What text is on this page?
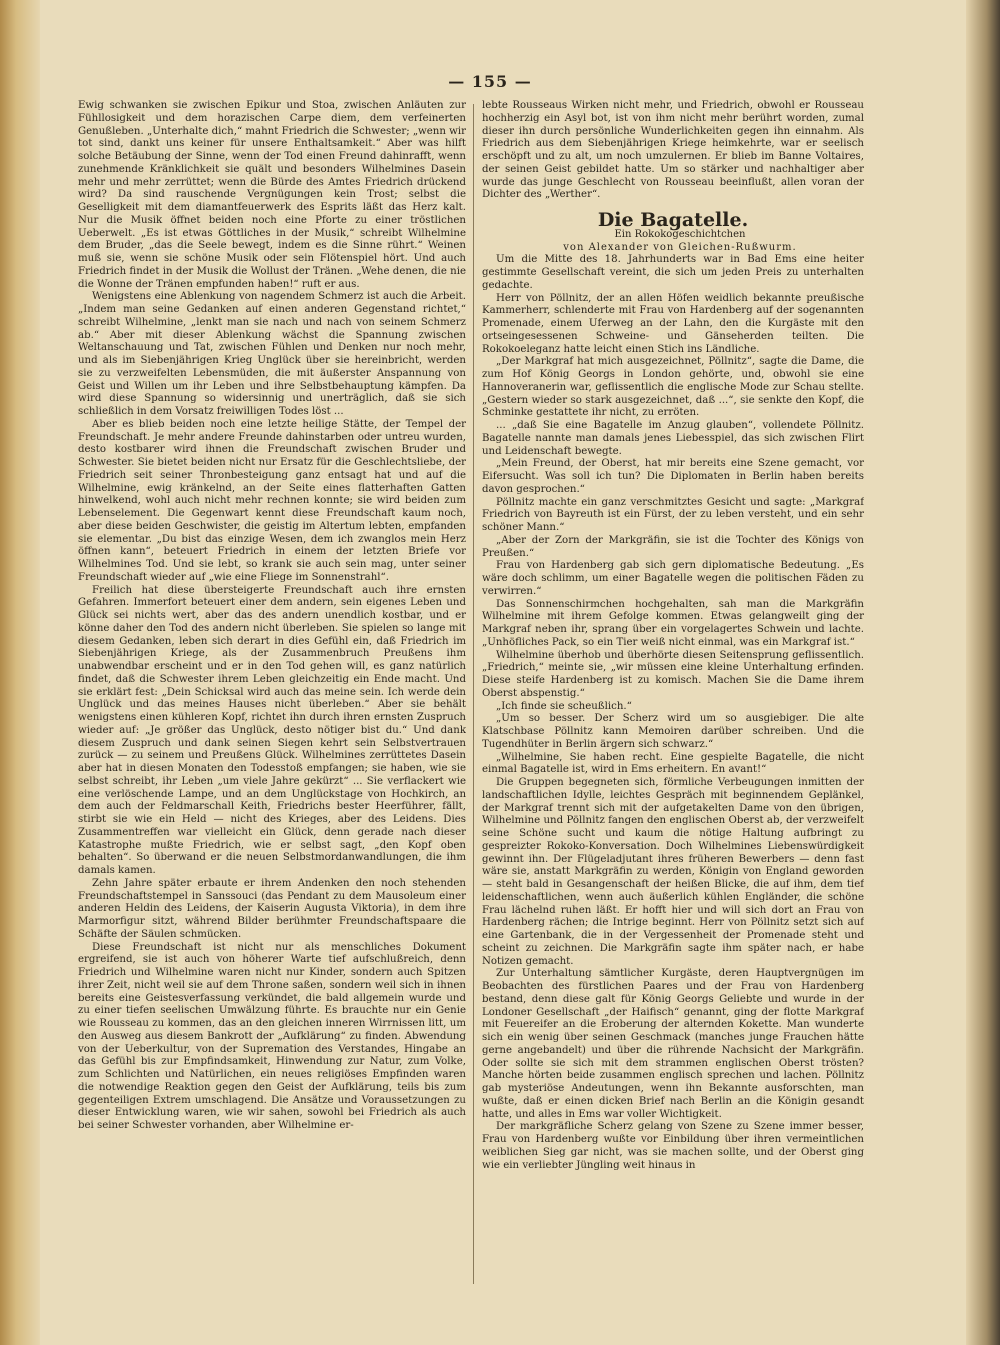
— 155 —

Ewig schwanken sie zwischen Epikur und Stoa, zwischen Anläuten zur Fühllosigkeit und dem horazischen Carpe diem, dem verfeinerten Genußleben. „Unterhalte dich,“ mahnt Friedrich die Schwester; „wenn wir tot sind, dankt uns keiner für unsere Enthaltsamkeit.“ Aber was hilft solche Betäubung der Sinne, wenn der Tod einen Freund dahinrafft, wenn zunehmende Kränklichkeit sie quält und besonders Wilhelmines Dasein mehr und mehr zerrüttet; wenn die Bürde des Amtes Friedrich drückend wird? Da sind rauschende Vergnügungen kein Trost; selbst die Geselligkeit mit dem diamantfeuerwerk des Esprits läßt das Herz kalt. Nur die Musik öffnet beiden noch eine Pforte zu einer tröstlichen Ueberwelt. „Es ist etwas Göttliches in der Musik,“ schreibt Wilhelmine dem Bruder, „das die Seele bewegt, indem es die Sinne rührt.“ Weinen muß sie, wenn sie schöne Musik oder sein Flötenspiel hört. Und auch Friedrich findet in der Musik die Wollust der Tränen. „Wehe denen, die nie die Wonne der Tränen empfunden haben!“ ruft er aus.

Wenigstens eine Ablenkung von nagendem Schmerz ist auch die Arbeit. „Indem man seine Gedanken auf einen anderen Gegenstand richtet,“ schreibt Wilhelmine, „lenkt man sie nach und nach von seinem Schmerz ab.“ Aber mit dieser Ablenkung wächst die Spannung zwischen Weltanschauung und Tat, zwischen Fühlen und Denken nur noch mehr, und als im Siebenjährigen Krieg Unglück über sie hereinbricht, werden sie zu verzweifelten Lebensmüden, die mit äußerster Anspannung von Geist und Willen um ihr Leben und ihre Selbstbehauptung kämpfen. Da wird diese Spannung so widersinnig und unerträglich, daß sie sich schließlich in dem Vorsatz freiwilligen Todes löst ...

Aber es blieb beiden noch eine letzte heilige Stätte, der Tempel der Freundschaft. Je mehr andere Freunde dahinstarben oder untreu wurden, desto kostbarer wird ihnen die Freundschaft zwischen Bruder und Schwester. Sie bietet beiden nicht nur Ersatz für die Geschlechtsliebe, der Friedrich seit seiner Thronbesteigung ganz entsagt hat und auf die Wilhelmine, ewig kränkelnd, an der Seite eines flatterhaften Gatten hinwelkend, wohl auch nicht mehr rechnen konnte; sie wird beiden zum Lebenselement. Die Gegenwart kennt diese Freundschaft kaum noch, aber diese beiden Geschwister, die geistig im Altertum lebten, empfanden sie elementar. „Du bist das einzige Wesen, dem ich zwanglos mein Herz öffnen kann“, beteuert Friedrich in einem der letzten Briefe vor Wilhelmines Tod. Und sie lebt, so krank sie auch sein mag, unter seiner Freundschaft wieder auf „wie eine Fliege im Sonnenstrahl“.

Freilich hat diese übersteigerte Freundschaft auch ihre ernsten Gefahren. Immerfort beteuert einer dem andern, sein eigenes Leben und Glück sei nichts wert, aber das des andern unendlich kostbar, und er könne daher den Tod des andern nicht überleben. Sie spielen so lange mit diesem Gedanken, leben sich derart in dies Gefühl ein, daß Friedrich im Siebenjährigen Kriege, als der Zusammenbruch Preußens ihm unabwendbar erscheint und er in den Tod gehen will, es ganz natürlich findet, daß die Schwester ihrem Leben gleichzeitig ein Ende macht. Und sie erklärt fest: „Dein Schicksal wird auch das meine sein. Ich werde dein Unglück und das meines Hauses nicht überleben.“ Aber sie behält wenigstens einen kühleren Kopf, richtet ihn durch ihren ernsten Zuspruch wieder auf: „Je größer das Unglück, desto nötiger bist du.“ Und dank diesem Zuspruch und dank seinen Siegen kehrt sein Selbstvertrauen zurück — zu seinem und Preußens Glück. Wilhelmines zerrüttetes Dasein aber hat in diesen Monaten den Todesstoß empfangen; sie haben, wie sie selbst schreibt, ihr Leben „um viele Jahre gekürzt“ ... Sie verflackert wie eine verlöschende Lampe, und an dem Unglückstage von Hochkirch, an dem auch der Feldmarschall Keith, Friedrichs bester Heerführer, fällt, stirbt sie wie ein Held — nicht des Krieges, aber des Leidens. Dies Zusammentreffen war vielleicht ein Glück, denn gerade nach dieser Katastrophe mußte Friedrich, wie er selbst sagt, „den Kopf oben behalten“. So überwand er die neuen Selbstmordanwandlungen, die ihm damals kamen.

Zehn Jahre später erbaute er ihrem Andenken den noch stehenden Freundschaftstempel in Sanssouci (das Pendant zu dem Mausoleum einer anderen Heldin des Leidens, der Kaiserin Augusta Viktoria), in dem ihre Marmorfigur sitzt, während Bilder berühmter Freundschaftspaare die Schäfte der Säulen schmücken.

Diese Freundschaft ist nicht nur als menschliches Dokument ergreifend, sie ist auch von höherer Warte tief aufschlußreich, denn Friedrich und Wilhelmine waren nicht nur Kinder, sondern auch Spitzen ihrer Zeit, nicht weil sie auf dem Throne saßen, sondern weil sich in ihnen bereits eine Geistesverfassung verkündet, die bald allgemein wurde und zu einer tiefen seelischen Umwälzung führte. Es brauchte nur ein Genie wie Rousseau zu kommen, das an den gleichen inneren Wirrnissen litt, um den Ausweg aus diesem Bankrott der „Aufklärung“ zu finden. Abwendung von der Ueberkultur, von der Supremation des Verstandes, Hingabe an das Gefühl bis zur Empfindsamkeit, Hinwendung zur Natur, zum Volke, zum Schlichten und Natürlichen, ein neues religiöses Empfinden waren die notwendige Reaktion gegen den Geist der Aufklärung, teils bis zum gegenteiligen Extrem umschlagend. Die Ansätze und Voraussetzungen zu dieser Entwicklung waren, wie wir sahen, sowohl bei Friedrich als auch bei seiner Schwester vorhanden, aber Wilhelmine er-

lebte Rousseaus Wirken nicht mehr, und Friedrich, obwohl er Rousseau hochherzig ein Asyl bot, ist von ihm nicht mehr berührt worden, zumal dieser ihn durch persönliche Wunderlichkeiten gegen ihn einnahm. Als Friedrich aus dem Siebenjährigen Kriege heimkehrte, war er seelisch erschöpft und zu alt, um noch umzulernen. Er blieb im Banne Voltaires, der seinen Geist gebildet hatte. Um so stärker und nachhaltiger aber wurde das junge Geschlecht von Rousseau beeinflußt, allen voran der Dichter des „Werther“.

Die Bagatelle.

Ein Rokokogeschichtchen

von Alexander von Gleichen-Rußwurm.

Um die Mitte des 18. Jahrhunderts war in Bad Ems eine heiter gestimmte Gesellschaft vereint, die sich um jeden Preis zu unterhalten gedachte.

Herr von Pöllnitz, der an allen Höfen weidlich bekannte preußische Kammerherr, schlenderte mit Frau von Hardenberg auf der sogenannten Promenade, einem Uferweg an der Lahn, den die Kurgäste mit den ortseingesessenen Schweine- und Gänseherden teilten. Die Rokokoeleganz hatte leicht einen Stich ins Ländliche.

„Der Markgraf hat mich ausgezeichnet, Pöllnitz“, sagte die Dame, die zum Hof König Georgs in London gehörte, und, obwohl sie eine Hannoveranerin war, geflissentlich die englische Mode zur Schau stellte. „Gestern wieder so stark ausgezeichnet, daß ...“, sie senkte den Kopf, die Schminke gestattete ihr nicht, zu erröten.

... „daß Sie eine Bagatelle im Anzug glauben“, vollendete Pöllnitz. Bagatelle nannte man damals jenes Liebesspiel, das sich zwischen Flirt und Leidenschaft bewegte.

„Mein Freund, der Oberst, hat mir bereits eine Szene gemacht, vor Eifersucht. Was soll ich tun? Die Diplomaten in Berlin haben bereits davon gesprochen.“

Pöllnitz machte ein ganz verschmitztes Gesicht und sagte: „Markgraf Friedrich von Bayreuth ist ein Fürst, der zu leben versteht, und ein sehr schöner Mann.“

„Aber der Zorn der Markgräfin, sie ist die Tochter des Königs von Preußen.“

Frau von Hardenberg gab sich gern diplomatische Bedeutung. „Es wäre doch schlimm, um einer Bagatelle wegen die politischen Fäden zu verwirren.“

Das Sonnenschirmchen hochgehalten, sah man die Markgräfin Wilhelmine mit ihrem Gefolge kommen. Etwas gelangweilt ging der Markgraf neben ihr, sprang über ein vorgelagertes Schwein und lachte. „Unhöfliches Pack, so ein Tier weiß nicht einmal, was ein Markgraf ist.“

Wilhelmine überhob und überhörte diesen Seitensprung geflissentlich. „Friedrich,“ meinte sie, „wir müssen eine kleine Unterhaltung erfinden. Diese steife Hardenberg ist zu komisch. Machen Sie die Dame ihrem Oberst abspenstig.“

„Ich finde sie scheußlich.“

„Um so besser. Der Scherz wird um so ausgiebiger. Die alte Klatschbase Pöllnitz kann Memoiren darüber schreiben. Und die Tugendhüter in Berlin ärgern sich schwarz.“

„Wilhelmine, Sie haben recht. Eine gespielte Bagatelle, die nicht einmal Bagatelle ist, wird in Ems erheitern. En avant!“

Die Gruppen begegneten sich, förmliche Verbeugungen inmitten der landschaftlichen Idylle, leichtes Gespräch mit beginnendem Geplänkel, der Markgraf trennt sich mit der aufgetakelten Dame von den übrigen, Wilhelmine und Pöllnitz fangen den englischen Oberst ab, der verzweifelt seine Schöne sucht und kaum die nötige Haltung aufbringt zu gespreizter Rokoko-Konversation. Doch Wilhelmines Liebenswürdigkeit gewinnt ihn. Der Flügeladjutant ihres früheren Bewerbers — denn fast wäre sie, anstatt Markgräfin zu werden, Königin von England geworden — steht bald in Gesangenschaft der heißen Blicke, die auf ihm, dem tief leidenschaftlichen, wenn auch äußerlich kühlen Engländer, die schöne Frau lächelnd ruhen läßt. Er hofft hier und will sich dort an Frau von Hardenberg rächen; die Intrige beginnt. Herr von Pöllnitz setzt sich auf eine Gartenbank, die in der Vergessenheit der Promenade steht und scheint zu zeichnen. Die Markgräfin sagte ihm später nach, er habe Notizen gemacht.

Zur Unterhaltung sämtlicher Kurgäste, deren Hauptvergnügen im Beobachten des fürstlichen Paares und der Frau von Hardenberg bestand, denn diese galt für König Georgs Geliebte und wurde in der Londoner Gesellschaft „der Haifisch“ genannt, ging der flotte Markgraf mit Feuereifer an die Eroberung der alternden Kokette. Man wunderte sich ein wenig über seinen Geschmack (manches junge Frauchen hätte gerne angebandelt) und über die rührende Nachsicht der Markgräfin. Oder sollte sie sich mit dem strammen englischen Oberst trösten? Manche hörten beide zusammen englisch sprechen und lachen. Pöllnitz gab mysteriöse Andeutungen, wenn ihn Bekannte ausforschten, man wußte, daß er einen dicken Brief nach Berlin an die Königin gesandt hatte, und alles in Ems war voller Wichtigkeit.

Der markgräfliche Scherz gelang von Szene zu Szene immer besser, Frau von Hardenberg wußte vor Einbildung über ihren vermeintlichen weiblichen Sieg gar nicht, was sie machen sollte, und der Oberst ging wie ein verliebter Jüngling weit hinaus in
